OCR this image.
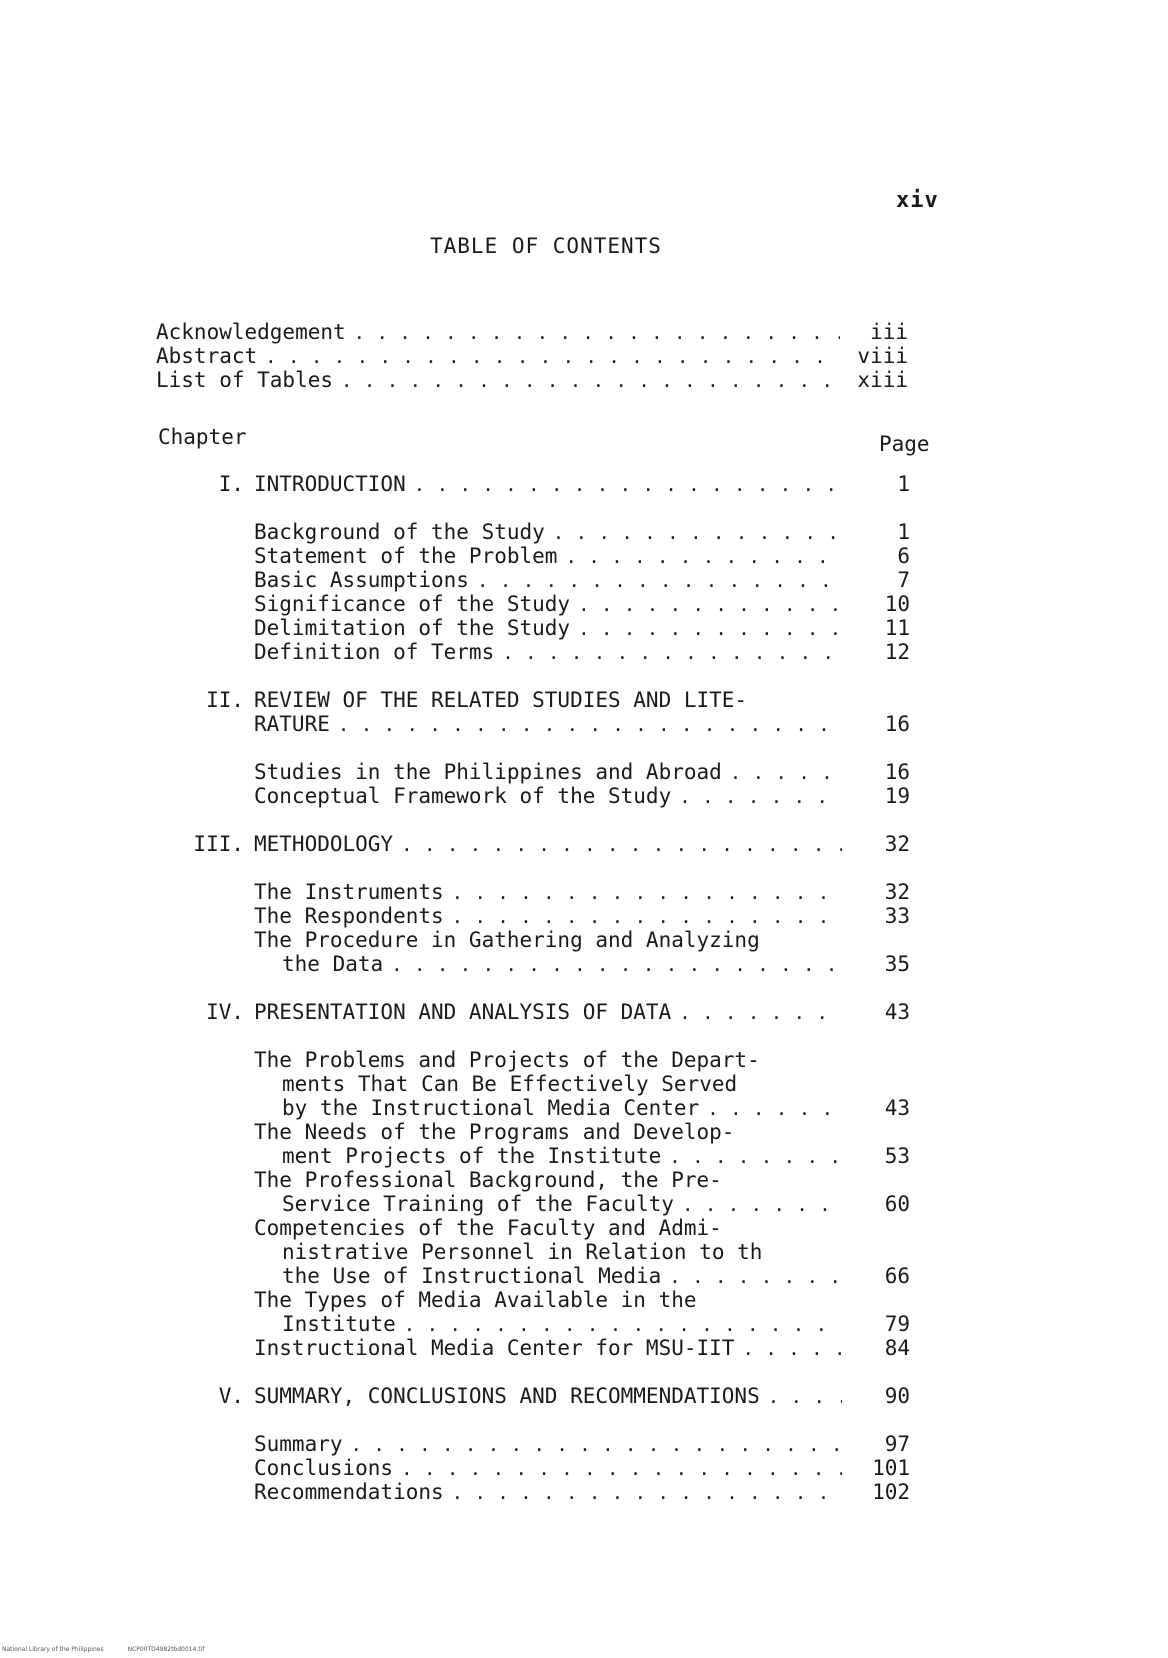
xiv
TABLE OF CONTENTS
Acknowledgement . . .	iii
Abstract . . .	viii
List of Tables . . .	xiii
Chapter	Page
I. INTRODUCTION . . .	1
Background of the Study . . .	1
Statement of the Problem . . .	6
Basic Assumptions . . .	7
Significance of the Study . . .	10
Delimitation of the Study . . .	11
Definition of Terms . . .	12
II. REVIEW OF THE RELATED STUDIES AND LITE-
RATURE . . .	16
Studies in the Philippines and Abroad . . .	16
Conceptual Framework of the Study . . .	19
III. METHODOLOGY . . .	32
The Instruments . . .	32
The Respondents . . .	33
The Procedure in Gathering and Analyzing
the Data . . .	35
IV. PRESENTATION AND ANALYSIS OF DATA . . .	43
The Problems and Projects of the Depart-
ments That Can Be Effectively Served
by the Instructional Media Center . . .	43
The Needs of the Programs and Develop-
ment Projects of the Institute . . .	53
The Professional Background, the Pre-
Service Training of the Faculty . . .	60
Competencies of the Faculty and Admi-
nistrative Personnel in Relation to th
the Use of Instructional Media . . .	66
The Types of Media Available in the
Institute . . .	79
Instructional Media Center for MSU-IIT . . .	84
V. SUMMARY, CONCLUSIONS AND RECOMMENDATIONS . . .	90
Summary . . .	97
Conclusions . . .	101
Recommendations . . .	102
National Library of the Philippines	NCP00TD4982tbd0014.tif
